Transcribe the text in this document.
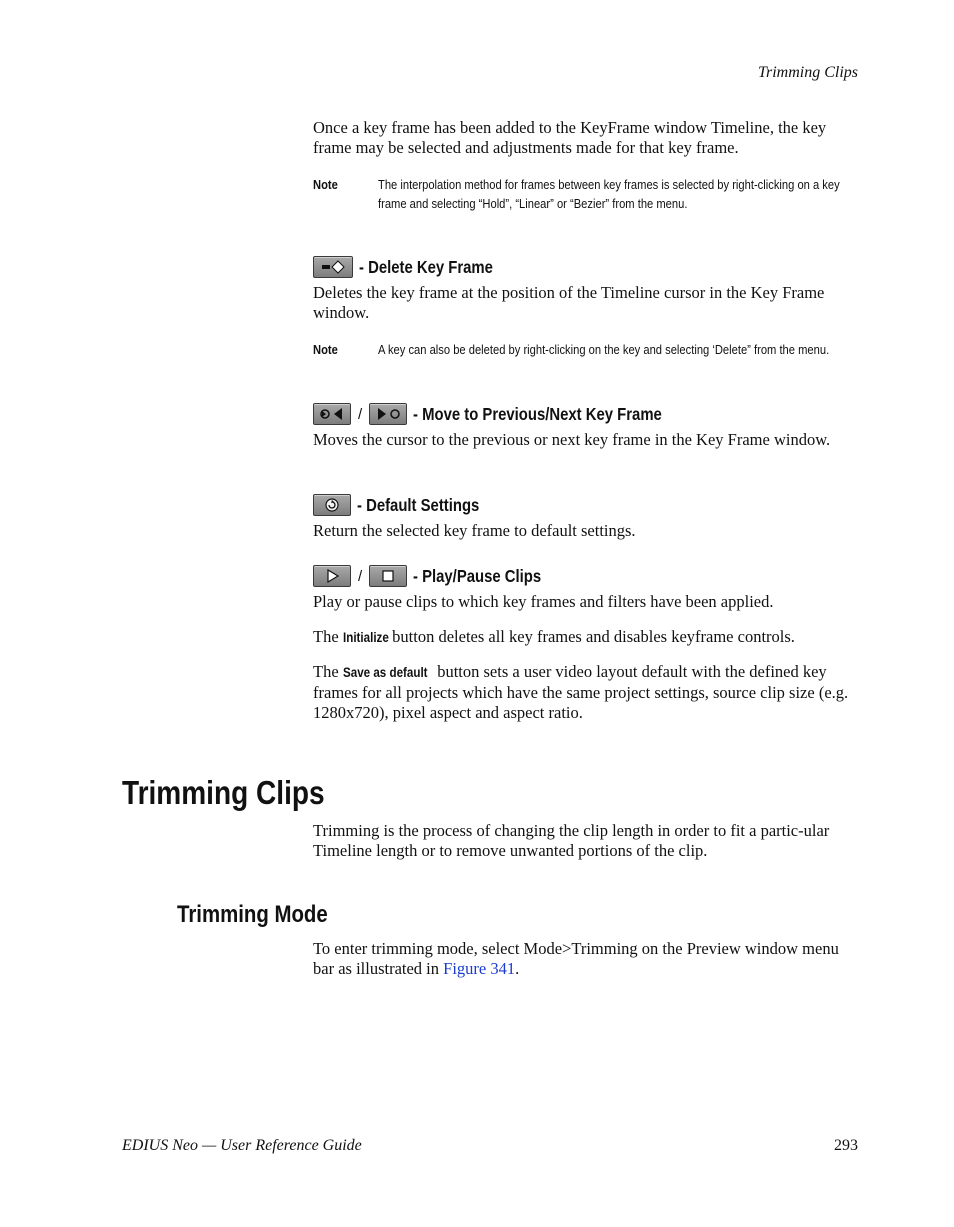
Trimming Clips
Once a key frame has been added to the KeyFrame window Timeline, the key frame may be selected and adjustments made for that key frame.
Note	The interpolation method for frames between key frames is selected by right-clicking on a key frame and selecting “Hold”, “Linear” or “Bezier” from the menu.
- Delete Key Frame
Deletes the key frame at the position of the Timeline cursor in the Key Frame window.
Note	A key can also be deleted by right-clicking on the key and selecting ‘Delete” from the menu.
/	- Move to Previous/Next Key Frame
Moves the cursor to the previous or next key frame in the Key Frame window.
- Default Settings
Return the selected key frame to default settings.
/	- Play/Pause Clips
Play or pause clips to which key frames and filters have been applied.
The Initialize button deletes all key frames and disables keyframe controls.
The Save as default button sets a user video layout default with the defined key frames for all projects which have the same project settings, source clip size (e.g. 1280x720), pixel aspect and aspect ratio.
Trimming Clips
Trimming is the process of changing the clip length in order to fit a partic-ular Timeline length or to remove unwanted portions of the clip.
Trimming Mode
To enter trimming mode, select Mode>Trimming on the Preview window menu bar as illustrated in Figure 341.
EDIUS Neo — User Reference Guide	293
